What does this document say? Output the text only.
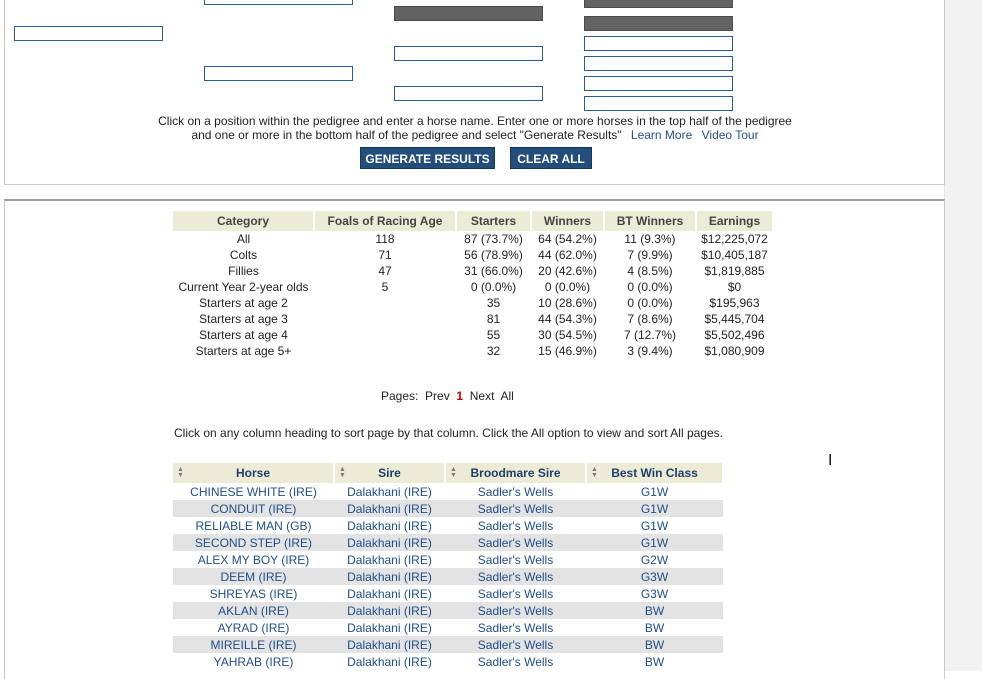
Click on a position within the pedigree and enter a horse name. Enter one or more horses in the top half of the pedigree
and one or more in the bottom half of the pedigree and select "Generate Results" Learn More Video Tour
GENERATE RESULTS	CLEAR ALL
Category	Foals of Racing Age	Starters	Winners	BT Winners	Earnings
All	118	87 (73.7%)	64 (54.2%)	11 (9.3%)	$12,225,072
Colts	71	56 (78.9%)	44 (62.0%)	7 (9.9%)	$10,405,187
Fillies	47	31 (66.0%)	20 (42.6%)	4 (8.5%)	$1,819,885
Current Year 2-year olds	5	0 (0.0%)	0 (0.0%)	0 (0.0%)	$0
Starters at age 2		35	10 (28.6%)	0 (0.0%)	$195,963
Starters at age 3		81	44 (54.3%)	7 (8.6%)	$5,445,704
Starters at age 4		55	30 (54.5%)	7 (12.7%)	$5,502,496
Starters at age 5+		32	15 (46.9%)	3 (9.4%)	$1,080,909
Pages: Prev 1 Next All
Click on any column heading to sort page by that column. Click the All option to view and sort All pages.
▲
▼ Horse	▲
▼ Sire	▲
▼ Broodmare Sire	▲
▼ Best Win Class
CHINESE WHITE (IRE)	Dalakhani (IRE)	Sadler's Wells	G1W
CONDUIT (IRE)	Dalakhani (IRE)	Sadler's Wells	G1W
RELIABLE MAN (GB)	Dalakhani (IRE)	Sadler's Wells	G1W
SECOND STEP (IRE)	Dalakhani (IRE)	Sadler's Wells	G1W
ALEX MY BOY (IRE)	Dalakhani (IRE)	Sadler's Wells	G2W
DEEM (IRE)	Dalakhani (IRE)	Sadler's Wells	G3W
SHREYAS (IRE)	Dalakhani (IRE)	Sadler's Wells	G3W
AKLAN (IRE)	Dalakhani (IRE)	Sadler's Wells	BW
AYRAD (IRE)	Dalakhani (IRE)	Sadler's Wells	BW
MIREILLE (IRE)	Dalakhani (IRE)	Sadler's Wells	BW
YAHRAB (IRE)	Dalakhani (IRE)	Sadler's Wells	BW
I
